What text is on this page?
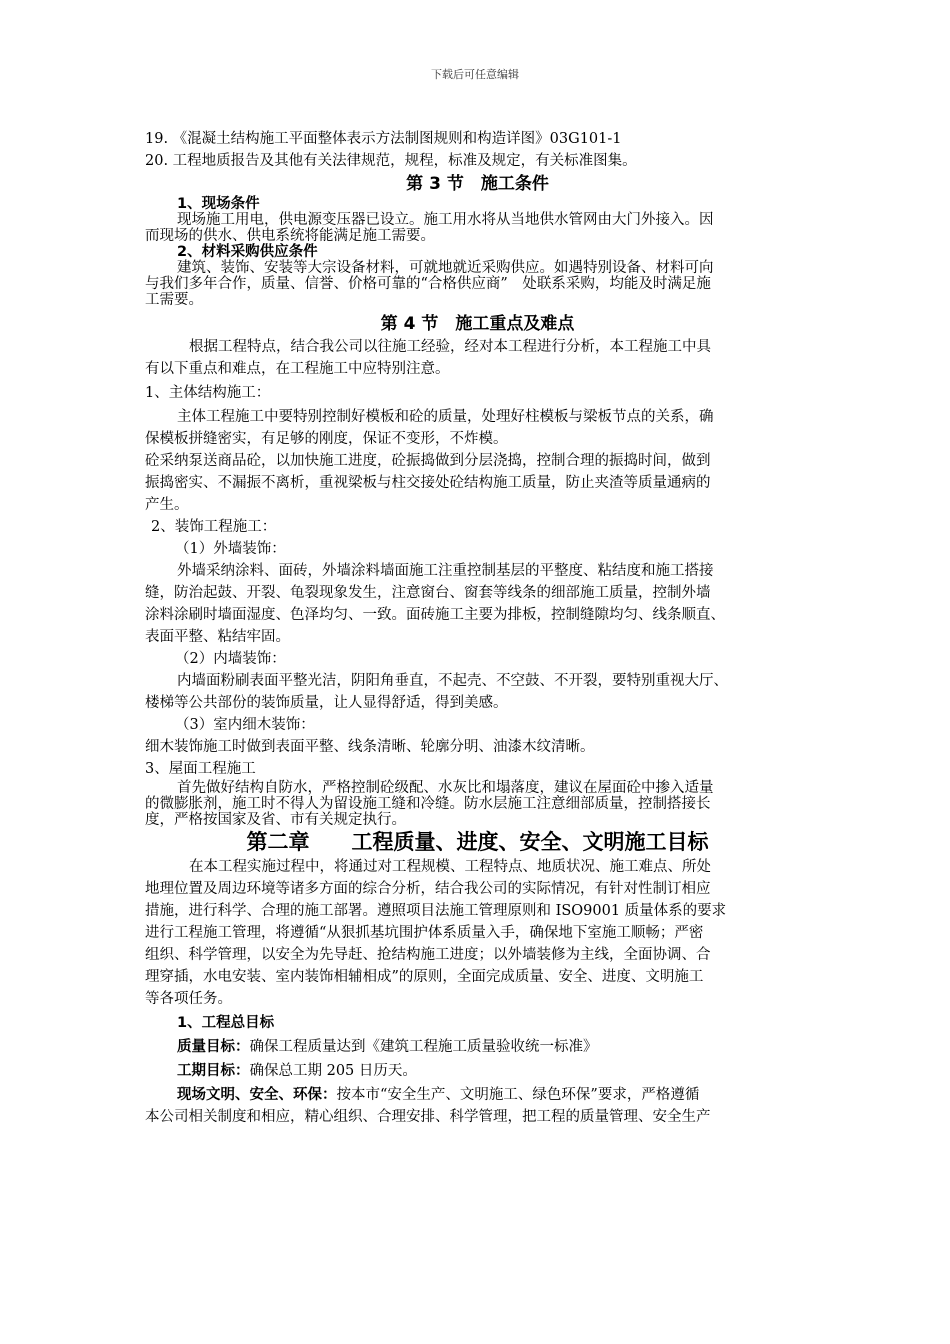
下载后可任意编辑
19. 《混凝土结构施工平面整体表示方法制图规则和构造详图》03G101-1
20. 工程地质报告及其他有关法律规范，规程，标准及规定，有关标准图集。
第 3 节　施工条件
1、现场条件
现场施工用电，供电源变压器已设立。施工用水将从当地供水管网由大门外接入。因
而现场的供水、供电系统将能满足施工需要。
2、材料采购供应条件
建筑、装饰、安装等大宗设备材料，可就地就近采购供应。如遇特别设备、材料可向
与我们多年合作，质量、信誉、价格可靠的“合格供应商”　处联系采购，均能及时满足施
工需要。
第 4 节　施工重点及难点
根据工程特点，结合我公司以往施工经验，经对本工程进行分析，本工程施工中具
有以下重点和难点，在工程施工中应特别注意。
1、主体结构施工：
主体工程施工中要特别控制好模板和砼的质量，处理好柱模板与梁板节点的关系，确
保模板拼缝密实，有足够的刚度，保证不变形，不炸模。
砼采纳泵送商品砼，以加快施工进度，砼振捣做到分层浇捣，控制合理的振捣时间，做到
振捣密实、不漏振不离析，重视梁板与柱交接处砼结构施工质量，防止夹渣等质量通病的
产生。
2、装饰工程施工：
（1）外墙装饰：
外墙采纳涂料、面砖，外墙涂料墙面施工注重控制基层的平整度、粘结度和施工搭接
缝，防治起鼓、开裂、龟裂现象发生，注意窗台、窗套等线条的细部施工质量，控制外墙
涂料涂刷时墙面湿度、色泽均匀、一致。面砖施工主要为排板，控制缝隙均匀、线条顺直、
表面平整、粘结牢固。
（2）内墙装饰：
内墙面粉刷表面平整光洁，阴阳角垂直，不起壳、不空鼓、不开裂，要特别重视大厅、
楼梯等公共部份的装饰质量，让人显得舒适，得到美感。
（3）室内细木装饰：
细木装饰施工时做到表面平整、线条清晰、轮廓分明、油漆木纹清晰。
3、屋面工程施工
首先做好结构自防水，严格控制砼级配、水灰比和塌落度，建议在屋面砼中掺入适量
的微膨胀剂，施工时不得人为留设施工缝和冷缝。防水层施工注意细部质量，控制搭接长
度，严格按国家及省、市有关规定执行。
第二章　　工程质量、进度、安全、文明施工目标
在本工程实施过程中，将通过对工程规模、工程特点、地质状况、施工难点、所处
地理位置及周边环境等诸多方面的综合分析，结合我公司的实际情况，有针对性制订相应
措施，进行科学、合理的施工部署。遵照项目法施工管理原则和 ISO9001 质量体系的要求
进行工程施工管理，将遵循“从狠抓基坑围护体系质量入手，确保地下室施工顺畅；严密
组织、科学管理，以安全为先导赶、抢结构施工进度；以外墙装修为主线，全面协调、合
理穿插，水电安装、室内装饰相辅相成”的原则，全面完成质量、安全、进度、文明施工
等各项任务。
1、工程总目标
质量目标：确保工程质量达到《建筑工程施工质量验收统一标准》
工期目标：确保总工期 205 日历天。
现场文明、安全、环保：按本市“安全生产、文明施工、绿色环保”要求，严格遵循
本公司相关制度和相应，精心组织、合理安排、科学管理，把工程的质量管理、安全生产
